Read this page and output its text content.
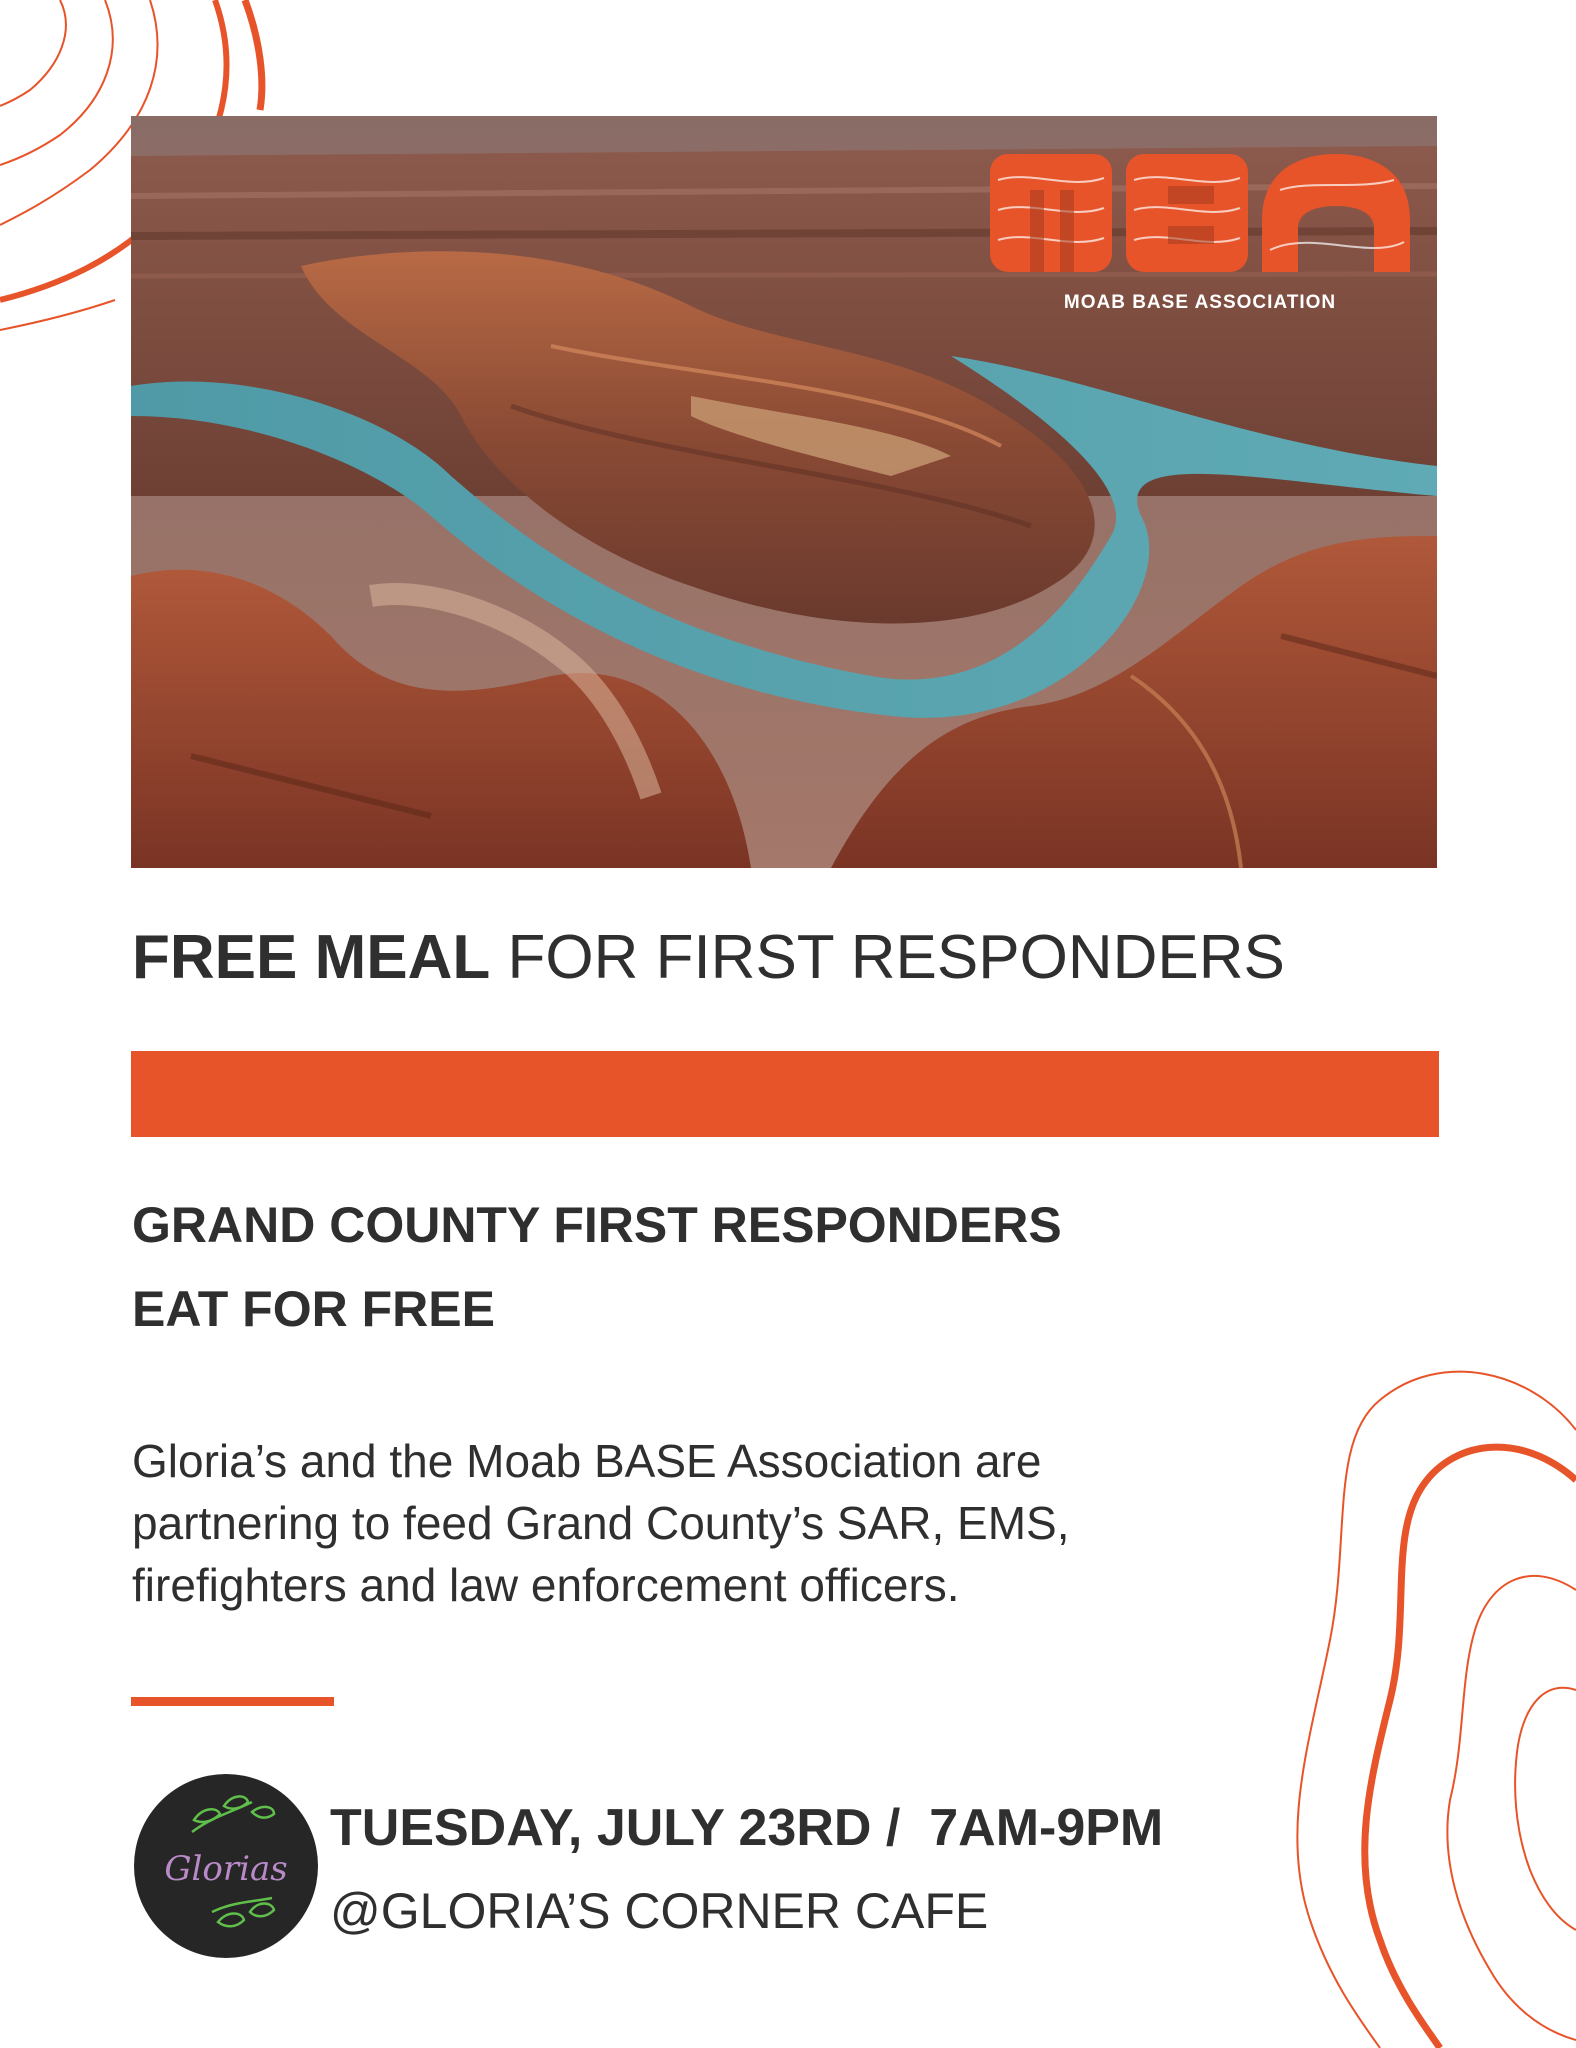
MOAB BASE ASSOCIATION
FREE MEAL FOR FIRST RESPONDERS
GRAND COUNTY FIRST RESPONDERS
EAT FOR FREE
Gloria’s and the Moab BASE Association are
partnering to feed Grand County’s SAR, EMS,
firefighters and law enforcement officers.
Glorias
TUESDAY, JULY 23RD /  7AM-9PM
@GLORIA’S CORNER CAFE
